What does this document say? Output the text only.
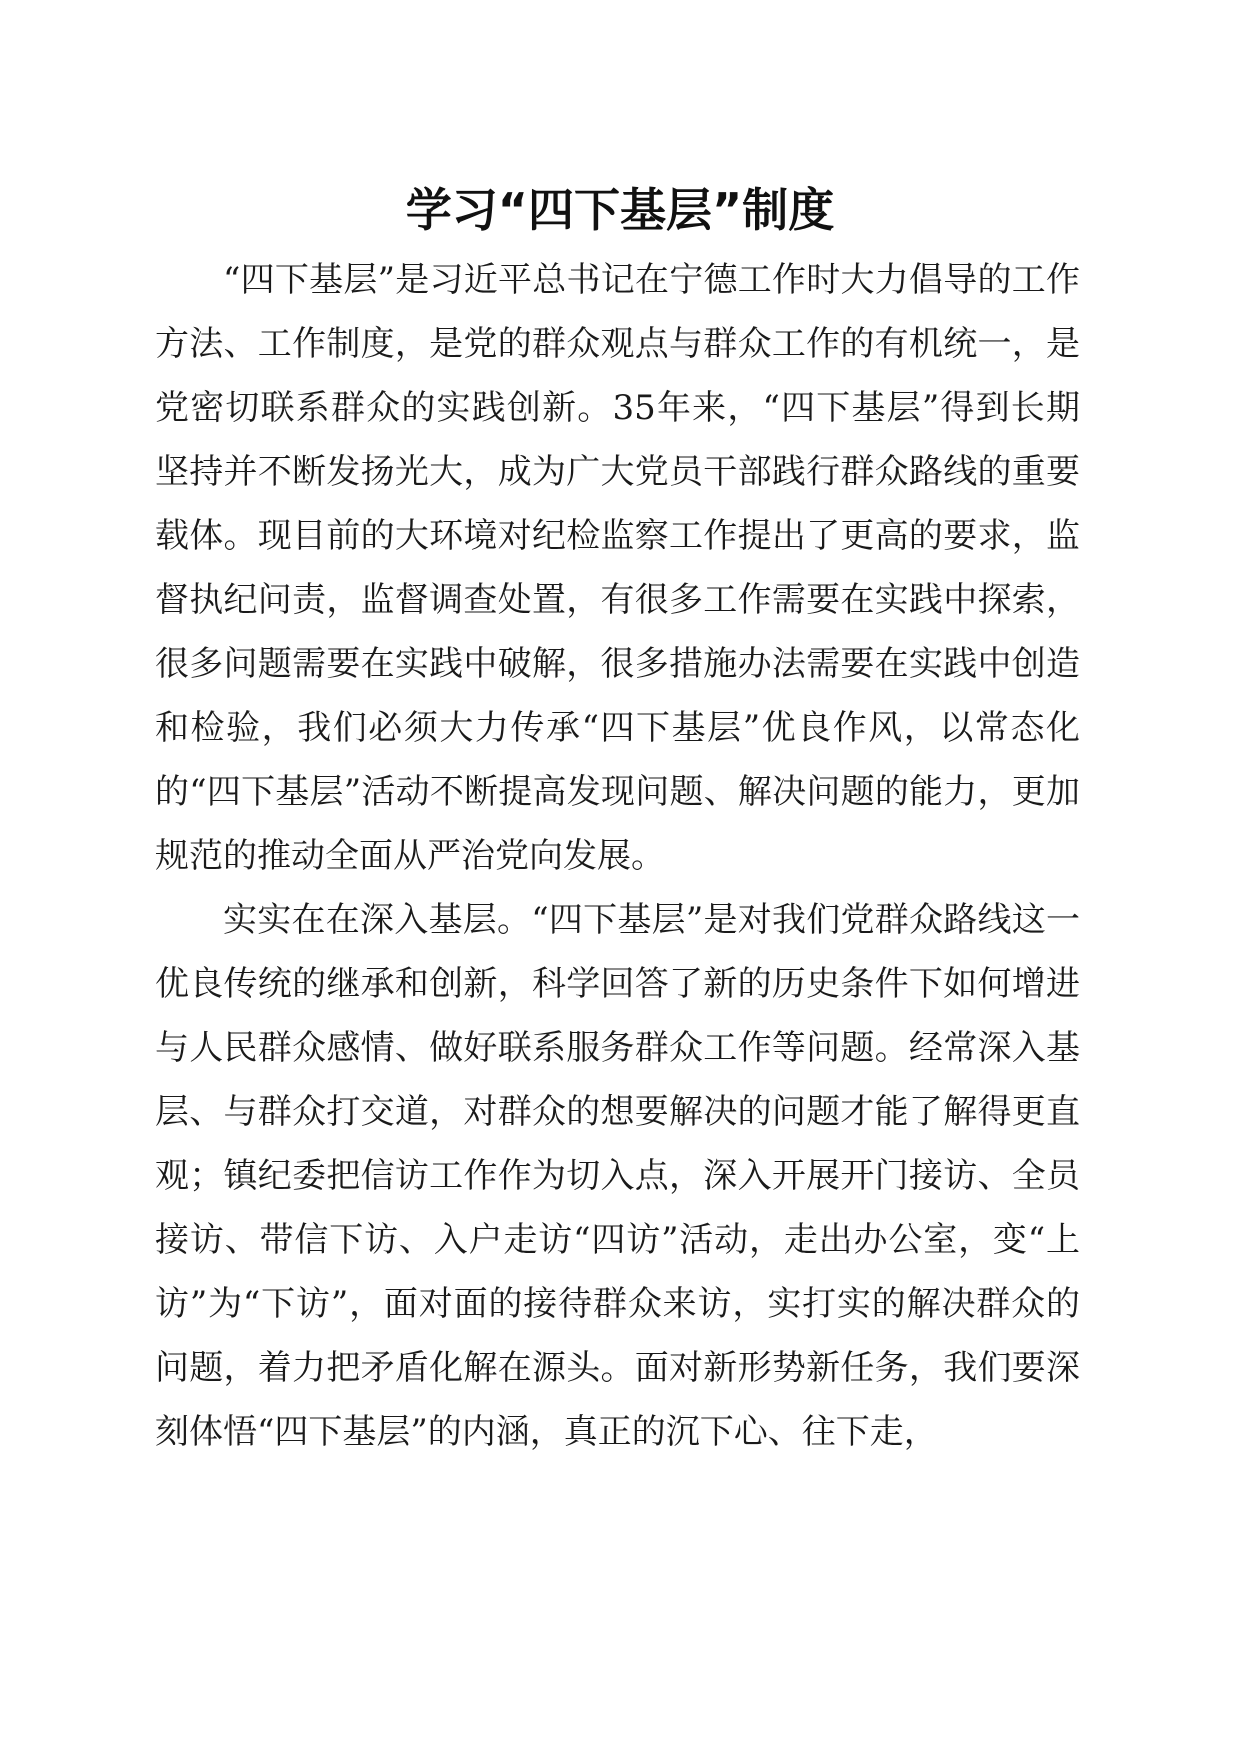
学习“四下基层”制度

“四下基层”是习近平总书记在宁德工作时大力倡导的工作方法、工作制度，是党的群众观点与群众工作的有机统一，是党密切联系群众的实践创新。35年来，“四下基层”得到长期坚持并不断发扬光大，成为广大党员干部践行群众路线的重要载体。现目前的大环境对纪检监察工作提出了更高的要求，监督执纪问责，监督调查处置，有很多工作需要在实践中探索，很多问题需要在实践中破解，很多措施办法需要在实践中创造和检验，我们必须大力传承“四下基层”优良作风，以常态化的“四下基层”活动不断提高发现问题、解决问题的能力，更加规范的推动全面从严治党向发展。

实实在在深入基层。“四下基层”是对我们党群众路线这一优良传统的继承和创新，科学回答了新的历史条件下如何增进与人民群众感情、做好联系服务群众工作等问题。经常深入基层、与群众打交道，对群众的想要解决的问题才能了解得更直观；镇纪委把信访工作作为切入点，深入开展开门接访、全员接访、带信下访、入户走访“四访”活动，走出办公室，变“上访”为“下访”，面对面的接待群众来访，实打实的解决群众的问题，着力把矛盾化解在源头。面对新形势新任务，我们要深刻体悟“四下基层”的内涵，真正的沉下心、往下走，
